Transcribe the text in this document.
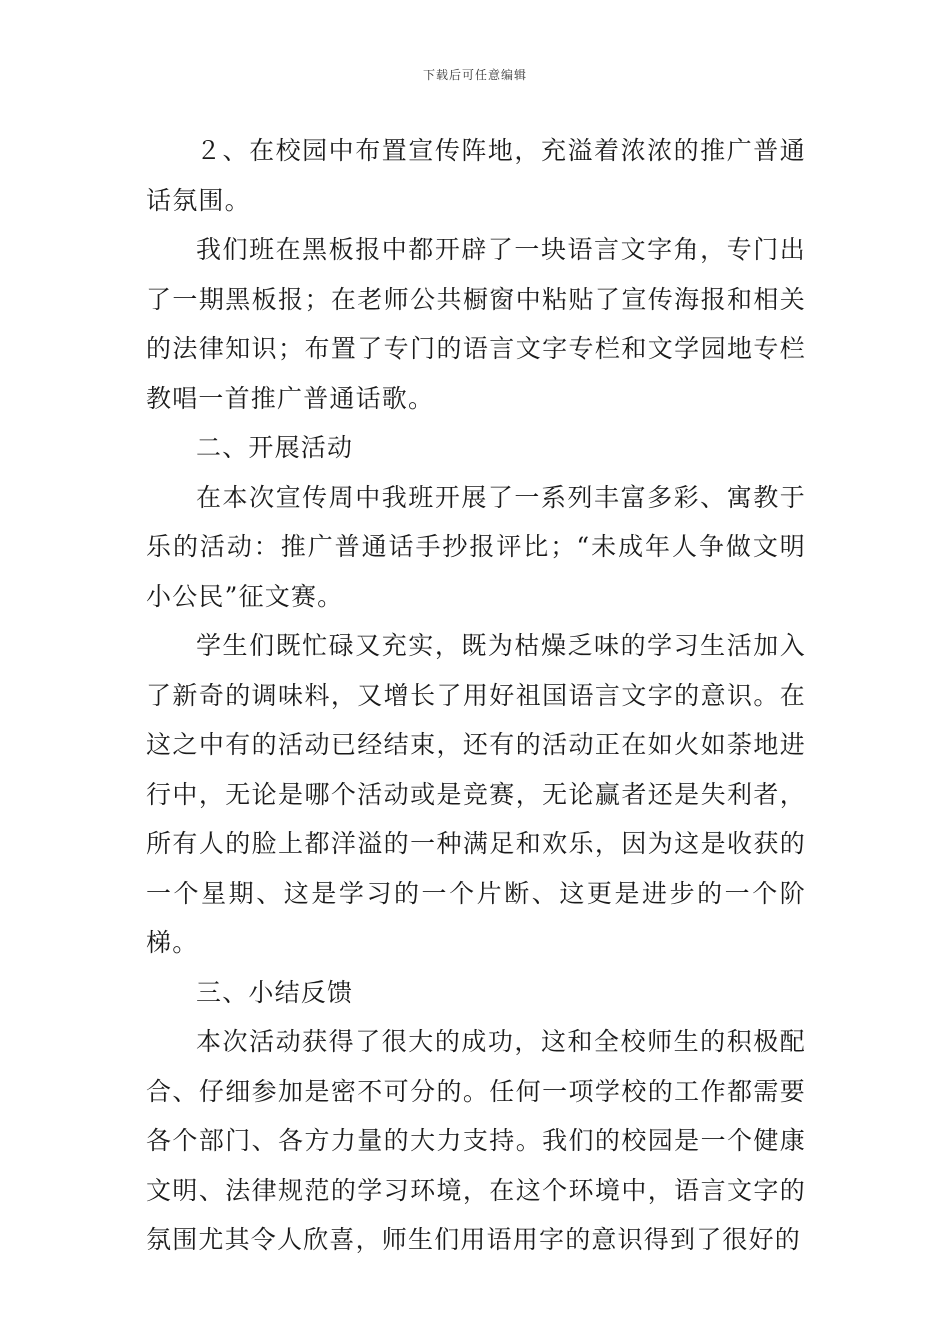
下载后可任意编辑

２、在校园中布置宣传阵地，充溢着浓浓的推广普通话氛围。

我们班在黑板报中都开辟了一块语言文字角，专门出了一期黑板报；在老师公共橱窗中粘贴了宣传海报和相关的法律知识；布置了专门的语言文字专栏和文学园地专栏教唱一首推广普通话歌。

二、开展活动

在本次宣传周中我班开展了一系列丰富多彩、寓教于乐的活动：推广普通话手抄报评比；“未成年人争做文明小公民”征文赛。

学生们既忙碌又充实，既为枯燥乏味的学习生活加入了新奇的调味料，又增长了用好祖国语言文字的意识。在这之中有的活动已经结束，还有的活动正在如火如荼地进行中，无论是哪个活动或是竞赛，无论赢者还是失利者，所有人的脸上都洋溢的一种满足和欢乐，因为这是收获的一个星期、这是学习的一个片断、这更是进步的一个阶梯。

三、小结反馈

本次活动获得了很大的成功，这和全校师生的积极配合、仔细参加是密不可分的。任何一项学校的工作都需要各个部门、各方力量的大力支持。我们的校园是一个健康文明、法律规范的学习环境，在这个环境中，语言文字的氛围尤其令人欣喜，师生们用语用字的意识得到了很好的
